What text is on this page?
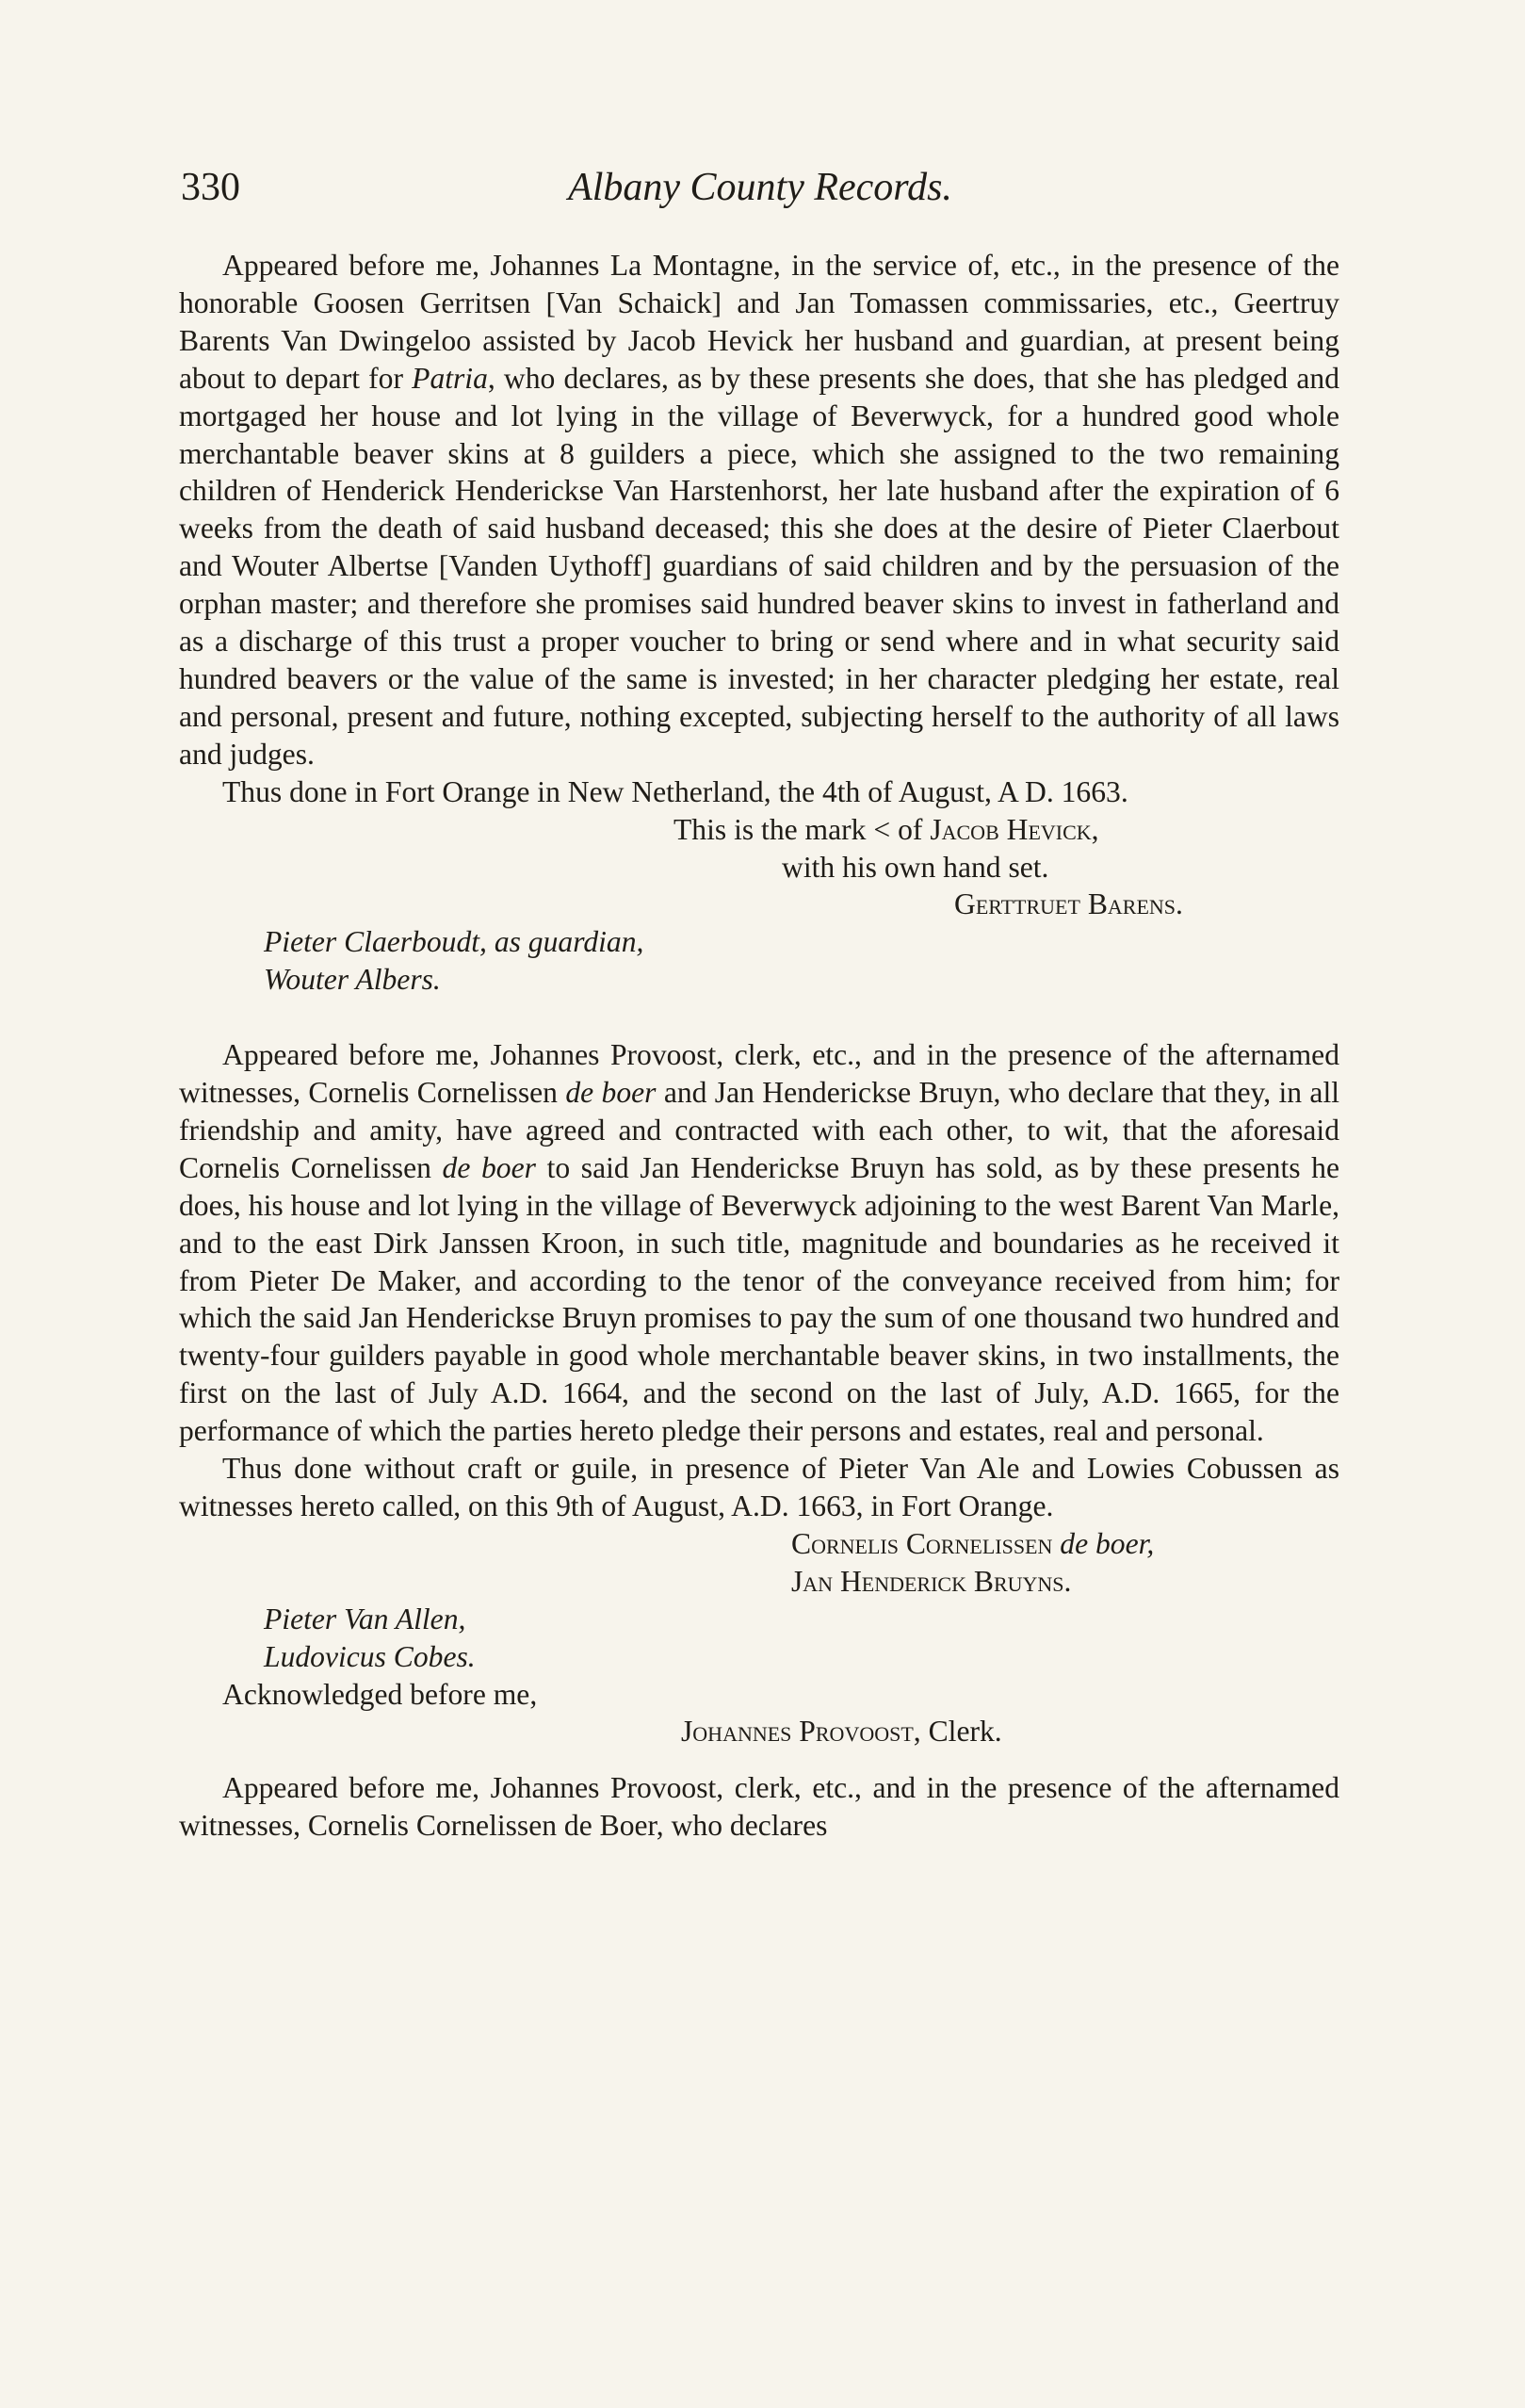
330	Albany County Records.

Appeared before me, Johannes La Montagne, in the service of, etc., in the presence of the honorable Goosen Gerritsen [Van Schaick] and Jan Tomassen commissaries, etc., Geertruy Barents Van Dwingeloo assisted by Jacob Hevick her husband and guardian, at present being about to depart for Patria, who declares, as by these presents she does, that she has pledged and mortgaged her house and lot lying in the village of Beverwyck, for a hundred good whole merchantable beaver skins at 8 guilders a piece, which she assigned to the two remaining children of Henderick Henderickse Van Harstenhorst, her late husband after the expiration of 6 weeks from the death of said husband deceased; this she does at the desire of Pieter Claerbout and Wouter Albertse [Vanden Uythoff] guardians of said children and by the persuasion of the orphan master; and therefore she promises said hundred beaver skins to invest in fatherland and as a discharge of this trust a proper voucher to bring or send where and in what security said hundred beavers or the value of the same is invested; in her character pledging her estate, real and personal, present and future, nothing excepted, subjecting herself to the authority of all laws and judges.

Thus done in Fort Orange in New Netherland, the 4th of August, A D. 1663.

This is the mark < of Jacob Hevick,
with his own hand set.
Gerttruet Barens.
Pieter Claerboudt, as guardian,
Wouter Albers.

Appeared before me, Johannes Provoost, clerk, etc., and in the presence of the afternamed witnesses, Cornelis Cornelissen de boer and Jan Henderickse Bruyn, who declare that they, in all friendship and amity, have agreed and contracted with each other, to wit, that the aforesaid Cornelis Cornelissen de boer to said Jan Henderickse Bruyn has sold, as by these presents he does, his house and lot lying in the village of Beverwyck adjoining to the west Barent Van Marle, and to the east Dirk Janssen Kroon, in such title, magnitude and boundaries as he received it from Pieter De Maker, and according to the tenor of the conveyance received from him; for which the said Jan Henderickse Bruyn promises to pay the sum of one thousand two hundred and twenty-four guilders payable in good whole merchantable beaver skins, in two installments, the first on the last of July A.D. 1664, and the second on the last of July, A.D. 1665, for the performance of which the parties hereto pledge their persons and estates, real and personal.

Thus done without craft or guile, in presence of Pieter Van Ale and Lowies Cobussen as witnesses hereto called, on this 9th of August, A.D. 1663, in Fort Orange.

Cornelis Cornelissen de boer,
Jan Henderick Bruyns.
Pieter Van Allen,
Ludovicus Cobes.
Acknowledged before me,
Johannes Provoost, Clerk.

Appeared before me, Johannes Provoost, clerk, etc., and in the presence of the afternamed witnesses, Cornelis Cornelissen de Boer, who declares
